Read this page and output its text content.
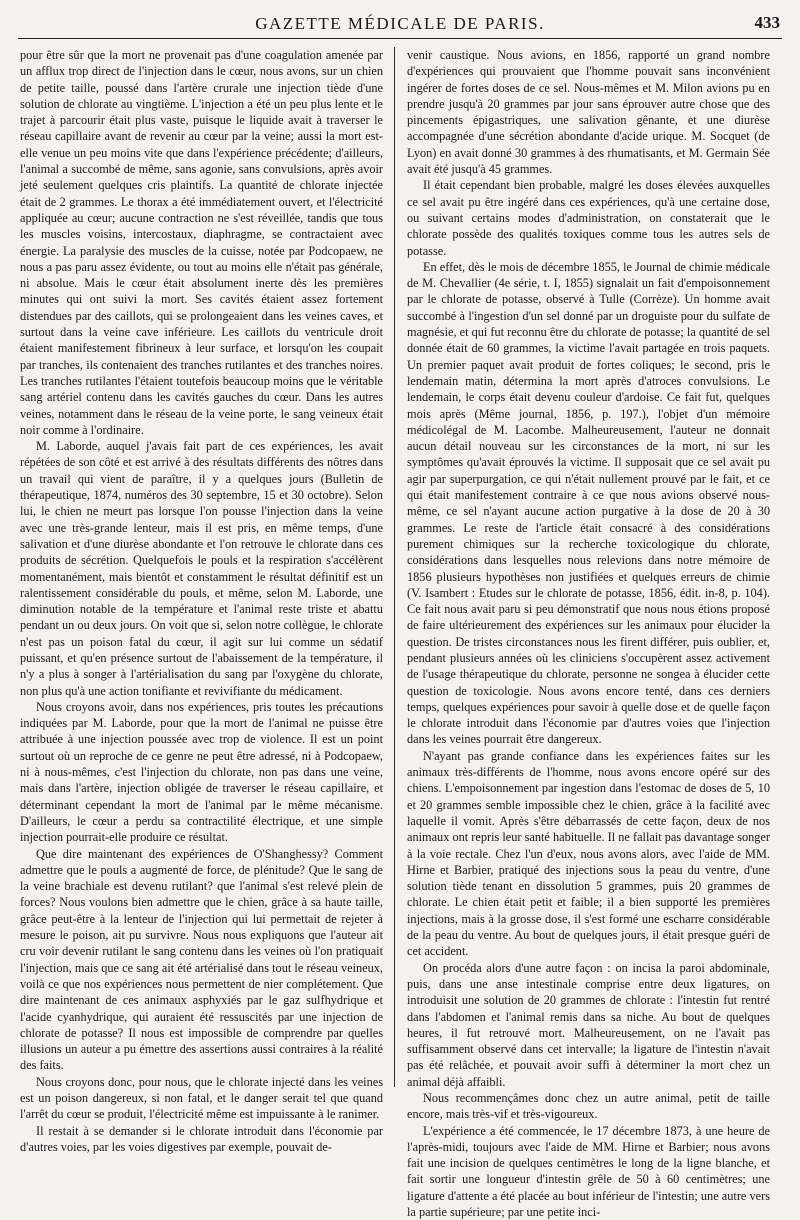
GAZETTE MÉDICALE DE PARIS.	433

pour être sûr que la mort ne provenait pas d'une coagulation amenée par un afflux trop direct de l'injection dans le cœur, nous avons, sur un chien de petite taille, poussé dans l'artère crurale une injection tiède d'une solution de chlorate au vingtième. L'injection a été un peu plus lente et le trajet à parcourir était plus vaste, puisque le liquide avait à traverser le réseau capillaire avant de revenir au cœur par la veine; aussi la mort est-elle venue un peu moins vite que dans l'expérience précédente; d'ailleurs, l'animal a succombé de même, sans agonie, sans convulsions, après avoir jeté seulement quelques cris plaintifs. La quantité de chlorate injectée était de 2 grammes. Le thorax a été immédiatement ouvert, et l'électricité appliquée au cœur; aucune contraction ne s'est réveillée, tandis que tous les muscles voisins, intercostaux, diaphragme, se contractaient avec énergie. La paralysie des muscles de la cuisse, notée par Podcopaew, ne nous a pas paru assez évidente, ou tout au moins elle n'était pas générale, ni absolue. Mais le cœur était absolument inerte dès les premières minutes qui ont suivi la mort. Ses cavités étaient assez fortement distendues par des caillots, qui se prolongeaient dans les veines caves, et surtout dans la veine cave inférieure. Les caillots du ventricule droit étaient manifestement fibrineux à leur surface, et lorsqu'on les coupait par tranches, ils contenaient des tranches rutilantes et des tranches noires. Les tranches rutilantes l'étaient toutefois beaucoup moins que le véritable sang artériel contenu dans les cavités gauches du cœur. Dans les autres veines, notamment dans le réseau de la veine porte, le sang veineux était noir comme à l'ordinaire.

M. Laborde, auquel j'avais fait part de ces expériences, les avait répétées de son côté et est arrivé à des résultats différents des nôtres dans un travail qui vient de paraître, il y a quelques jours (Bulletin de thérapeutique, 1874, numéros des 30 septembre, 15 et 30 octobre). Selon lui, le chien ne meurt pas lorsque l'on pousse l'injection dans la veine avec une très-grande lenteur, mais il est pris, en même temps, d'une salivation et d'une diurèse abondante et l'on retrouve le chlorate dans ces produits de sécrétion. Quelquefois le pouls et la respiration s'accélèrent momentanément, mais bientôt et constamment le résultat définitif est un ralentissement considérable du pouls, et même, selon M. Laborde, une diminution notable de la température et l'animal reste triste et abattu pendant un ou deux jours. On voit que si, selon notre collègue, le chlorate n'est pas un poison fatal du cœur, il agit sur lui comme un sédatif puissant, et qu'en présence surtout de l'abaissement de la température, il n'y a plus à songer à l'artérialisation du sang par l'oxygène du chlorate, non plus qu'à une action tonifiante et revivifiante du médicament.

Nous croyons avoir, dans nos expériences, pris toutes les précautions indiquées par M. Laborde, pour que la mort de l'animal ne puisse être attribuée à une injection poussée avec trop de violence. Il est un point surtout où un reproche de ce genre ne peut être adressé, ni à Podcopaew, ni à nous-mêmes, c'est l'injection du chlorate, non pas dans une veine, mais dans l'artère, injection obligée de traverser le réseau capillaire, et déterminant cependant la mort de l'animal par le même mécanisme. D'ailleurs, le cœur a perdu sa contractilité électrique, et une simple injection pourrait-elle produire ce résultat.

Que dire maintenant des expériences de O'Shanghessy? Comment admettre que le pouls a augmenté de force, de plénitude? Que le sang de la veine brachiale est devenu rutilant? que l'animal s'est relevé plein de forces? Nous voulons bien admettre que le chien, grâce à sa haute taille, grâce peut-être à la lenteur de l'injection qui lui permettait de rejeter à mesure le poison, ait pu survivre. Nous nous expliquons que l'auteur ait cru voir devenir rutilant le sang contenu dans les veines où l'on pratiquait l'injection, mais que ce sang ait été artérialisé dans tout le réseau veineux, voilà ce que nos expériences nous permettent de nier complétement. Que dire maintenant de ces animaux asphyxiés par le gaz sulfhydrique et l'acide cyanhydrique, qui auraient été ressuscités par une injection de chlorate de potasse? Il nous est impossible de comprendre par quelles illusions un auteur a pu émettre des assertions aussi contraires à la réalité des faits.

Nous croyons donc, pour nous, que le chlorate injecté dans les veines est un poison dangereux, si non fatal, et le danger serait tel que quand l'arrêt du cœur se produit, l'électricité même est impuissante à le ranimer.

Il restait à se demander si le chlorate introduit dans l'économie par d'autres voies, par les voies digestives par exemple, pouvait de-

venir caustique. Nous avions, en 1856, rapporté un grand nombre d'expériences qui prouvaient que l'homme pouvait sans inconvénient ingérer de fortes doses de ce sel. Nous-mêmes et M. Milon avions pu en prendre jusqu'à 20 grammes par jour sans éprouver autre chose que des pincements épigastriques, une salivation gênante, et une diurèse accompagnée d'une sécrétion abondante d'acide urique. M. Socquet (de Lyon) en avait donné 30 grammes à des rhumatisants, et M. Germain Sée avait été jusqu'à 45 grammes.

Il était cependant bien probable, malgré les doses élevées auxquelles ce sel avait pu être ingéré dans ces expériences, qu'à une certaine dose, ou suivant certains modes d'administration, on constaterait que le chlorate possède des qualités toxiques comme tous les autres sels de potasse.

En effet, dès le mois de décembre 1855, le Journal de chimie médicale de M. Chevallier (4e série, t. I, 1855) signalait un fait d'empoisonnement par le chlorate de potasse, observé à Tulle (Corrèze). Un homme avait succombé à l'ingestion d'un sel donné par un droguiste pour du sulfate de magnésie, et qui fut reconnu être du chlorate de potasse; la quantité de sel donnée était de 60 grammes, la victime l'avait partagée en trois paquets. Un premier paquet avait produit de fortes coliques; le second, pris le lendemain matin, détermina la mort après d'atroces convulsions. Le lendemain, le corps était devenu couleur d'ardoise. Ce fait fut, quelques mois après (Même journal, 1856, p. 197.), l'objet d'un mémoire médicolégal de M. Lacombe. Malheureusement, l'auteur ne donnait aucun détail nouveau sur les circonstances de la mort, ni sur les symptômes qu'avait éprouvés la victime. Il supposait que ce sel avait pu agir par superpurgation, ce qui n'était nullement prouvé par le fait, et ce qui était manifestement contraire à ce que nous avions observé nous-même, ce sel n'ayant aucune action purgative à la dose de 20 à 30 grammes. Le reste de l'article était consacré à des considérations purement chimiques sur la recherche toxicologique du chlorate, considérations dans lesquelles nous relevions dans notre mémoire de 1856 plusieurs hypothèses non justifiées et quelques erreurs de chimie (V. Isambert : Etudes sur le chlorate de potasse, 1856, édit. in-8, p. 104). Ce fait nous avait paru si peu démonstratif que nous nous étions proposé de faire ultérieurement des expériences sur les animaux pour élucider la question. De tristes circonstances nous les firent différer, puis oublier, et, pendant plusieurs années où les cliniciens s'occupèrent assez activement de l'usage thérapeutique du chlorate, personne ne songea à élucider cette question de toxicologie. Nous avons encore tenté, dans ces derniers temps, quelques expériences pour savoir à quelle dose et de quelle façon le chlorate introduit dans l'économie par d'autres voies que l'injection dans les veines pourrait être dangereux.

N'ayant pas grande confiance dans les expériences faites sur les animaux très-différents de l'homme, nous avons encore opéré sur des chiens. L'empoisonnement par ingestion dans l'estomac de doses de 5, 10 et 20 grammes semble impossible chez le chien, grâce à la facilité avec laquelle il vomit. Après s'être débarrassés de cette façon, deux de nos animaux ont repris leur santé habituelle. Il ne fallait pas davantage songer à la voie rectale. Chez l'un d'eux, nous avons alors, avec l'aide de MM. Hirne et Barbier, pratiqué des injections sous la peau du ventre, d'une solution tiède tenant en dissolution 5 grammes, puis 20 grammes de chlorate. Le chien était petit et faible; il a bien supporté les premières injections, mais à la grosse dose, il s'est formé une escharre considérable de la peau du ventre. Au bout de quelques jours, il était presque guéri de cet accident.

On procéda alors d'une autre façon : on incisa la paroi abdominale, puis, dans une anse intestinale comprise entre deux ligatures, on introduisit une solution de 20 grammes de chlorate : l'intestin fut rentré dans l'abdomen et l'animal remis dans sa niche. Au bout de quelques heures, il fut retrouvé mort. Malheureusement, on ne l'avait pas suffisamment observé dans cet intervalle; la ligature de l'intestin n'avait pas été relâchée, et pouvait avoir suffi à déterminer la mort chez un animal déjà affaibli.

Nous recommençâmes donc chez un autre animal, petit de taille encore, mais très-vif et très-vigoureux.

L'expérience a été commencée, le 17 décembre 1873, à une heure de l'après-midi, toujours avec l'aide de MM. Hirne et Barbier; nous avons fait une incision de quelques centimètres le long de la ligne blanche, et fait sortir une longueur d'intestin grêle de 50 à 60 centimètres; une ligature d'attente a été placée au bout inférieur de l'intestin; une autre vers la partie supérieure; par une petite inci-
